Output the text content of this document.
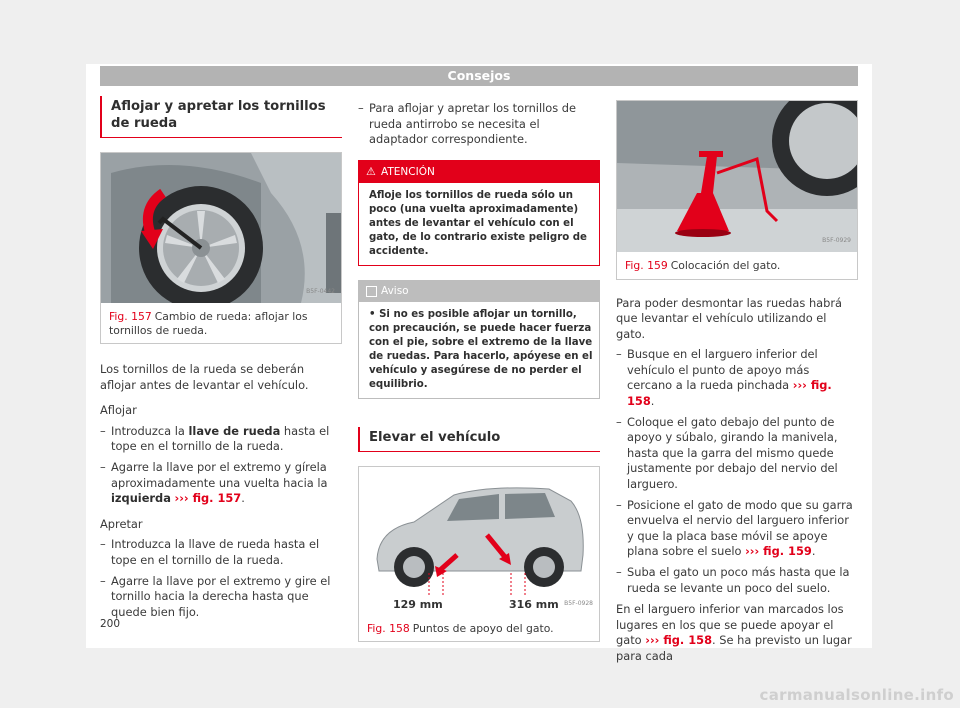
Consejos
Aflojar y apretar los tornillos de rueda
B5F-0442
Fig. 157 Cambio de rueda: aflojar los tornillos de rueda.

Los tornillos de la rueda se deberán aflojar antes de levantar el vehículo.

Aflojar

– Introduzca la llave de rueda hasta el tope en el tornillo de la rueda.
– Agarre la llave por el extremo y gírela aproximadamente una vuelta hacia la izquierda ››› fig. 157.

Apretar

– Introduzca la llave de rueda hasta el tope en el tornillo de la rueda.
– Agarre la llave por el extremo y gire el tornillo hacia la derecha hasta que quede bien fijo.
– Para aflojar y apretar los tornillos de rueda antirrobo se necesita el adaptador correspondiente.
⚠ ATENCIÓN
Afloje los tornillos de rueda sólo un poco (una vuelta aproximadamente) antes de levantar el vehículo con el gato, de lo contrario existe peligro de accidente.
Aviso
• Si no es posible aflojar un tornillo, con precaución, se puede hacer fuerza con el pie, sobre el extremo de la llave de ruedas. Para hacerlo, apóyese en el vehículo y asegúrese de no perder el equilibrio.
Elevar el vehículo
129 mm	316 mm B5F-0928
Fig. 158 Puntos de apoyo del gato.
B5F-0929
Fig. 159 Colocación del gato.

Para poder desmontar las ruedas habrá que levantar el vehículo utilizando el gato.

– Busque en el larguero inferior del vehículo el punto de apoyo más cercano a la rueda pinchada ››› fig. 158.
– Coloque el gato debajo del punto de apoyo y súbalo, girando la manivela, hasta que la garra del mismo quede justamente por debajo del nervio del larguero.
– Posicione el gato de modo que su garra envuelva el nervio del larguero inferior y que la placa base móvil se apoye plana sobre el suelo ››› fig. 159.
– Suba el gato un poco más hasta que la rueda se levante un poco del suelo.

En el larguero inferior van marcados los lugares en los que se puede apoyar el gato ››› fig. 158. Se ha previsto un lugar para cada

200
carmanualsonline.info
